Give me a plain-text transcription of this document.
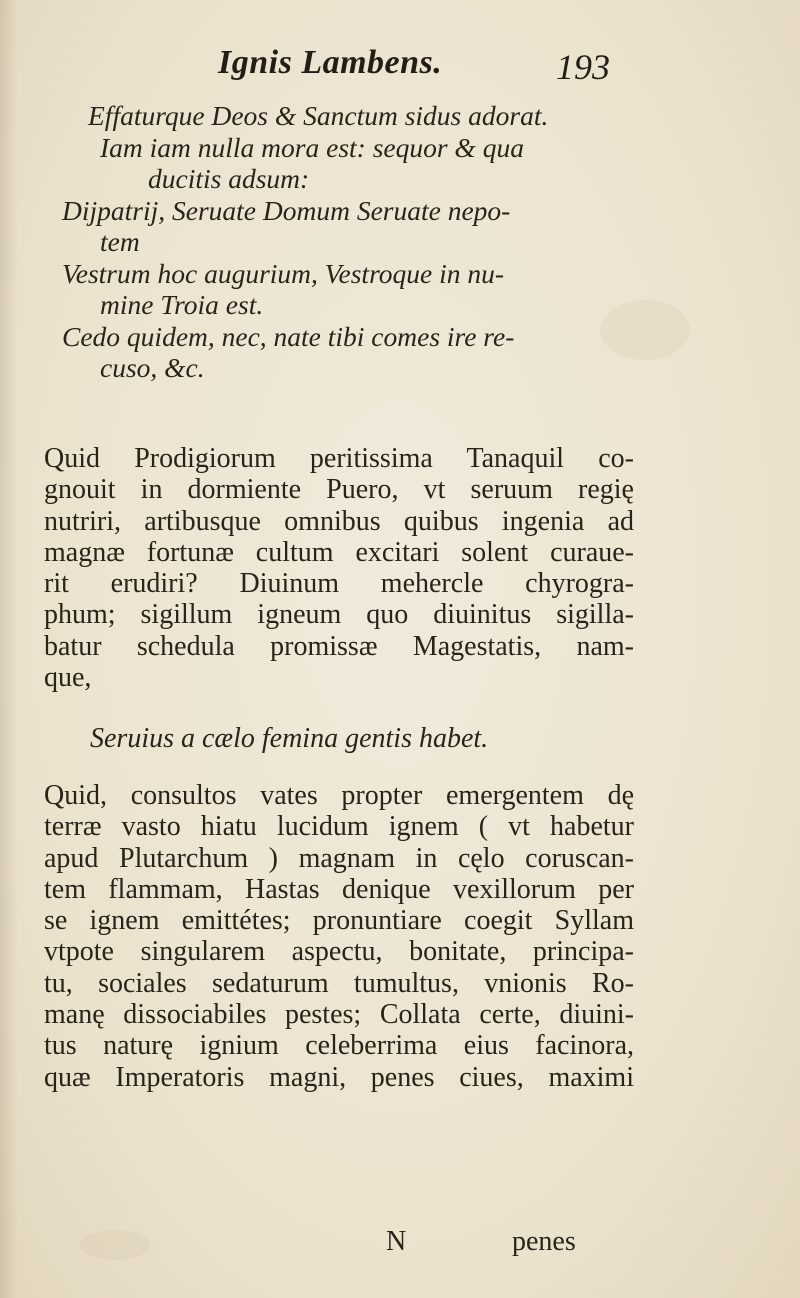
Ignis Lambens.	193
Effaturque Deos & Sanctum sidus adorat.
Iam iam nulla mora est: sequor & qua
ducitis adsum:
Dijpatrij, Seruate Domum Seruate nepo-
tem
Vestrum hoc augurium, Vestroque in nu-
mine Troia est.
Cedo quidem, nec, nate tibi comes ire re-
cuso, &c.
Quid Prodigiorum peritissima Tanaquil co-
gnouit in dormiente Puero, vt seruum regię
nutriri, artibusque omnibus quibus ingenia ad
magnæ fortunæ cultum excitari solent curaue-
rit erudiri? Diuinum mehercle chyrogra-
phum; sigillum igneum quo diuinitus sigilla-
batur schedula promissæ Magestatis, nam-
que,
Seruius a cælo femina gentis habet.
Quid, consultos vates propter emergentem dę
terræ vasto hiatu lucidum ignem ( vt habetur
apud Plutarchum ) magnam in cęlo coruscan-
tem flammam, Hastas denique vexillorum per
se ignem emittétes; pronuntiare coegit Syllam
vtpote singularem aspectu, bonitate, principa-
tu, sociales sedaturum tumultus, vnionis Ro-
manę dissociabiles pestes; Collata certe, diuini-
tus naturę ignium celeberrima eius facinora,
quæ Imperatoris magni, penes ciues, maximi
N	penes
